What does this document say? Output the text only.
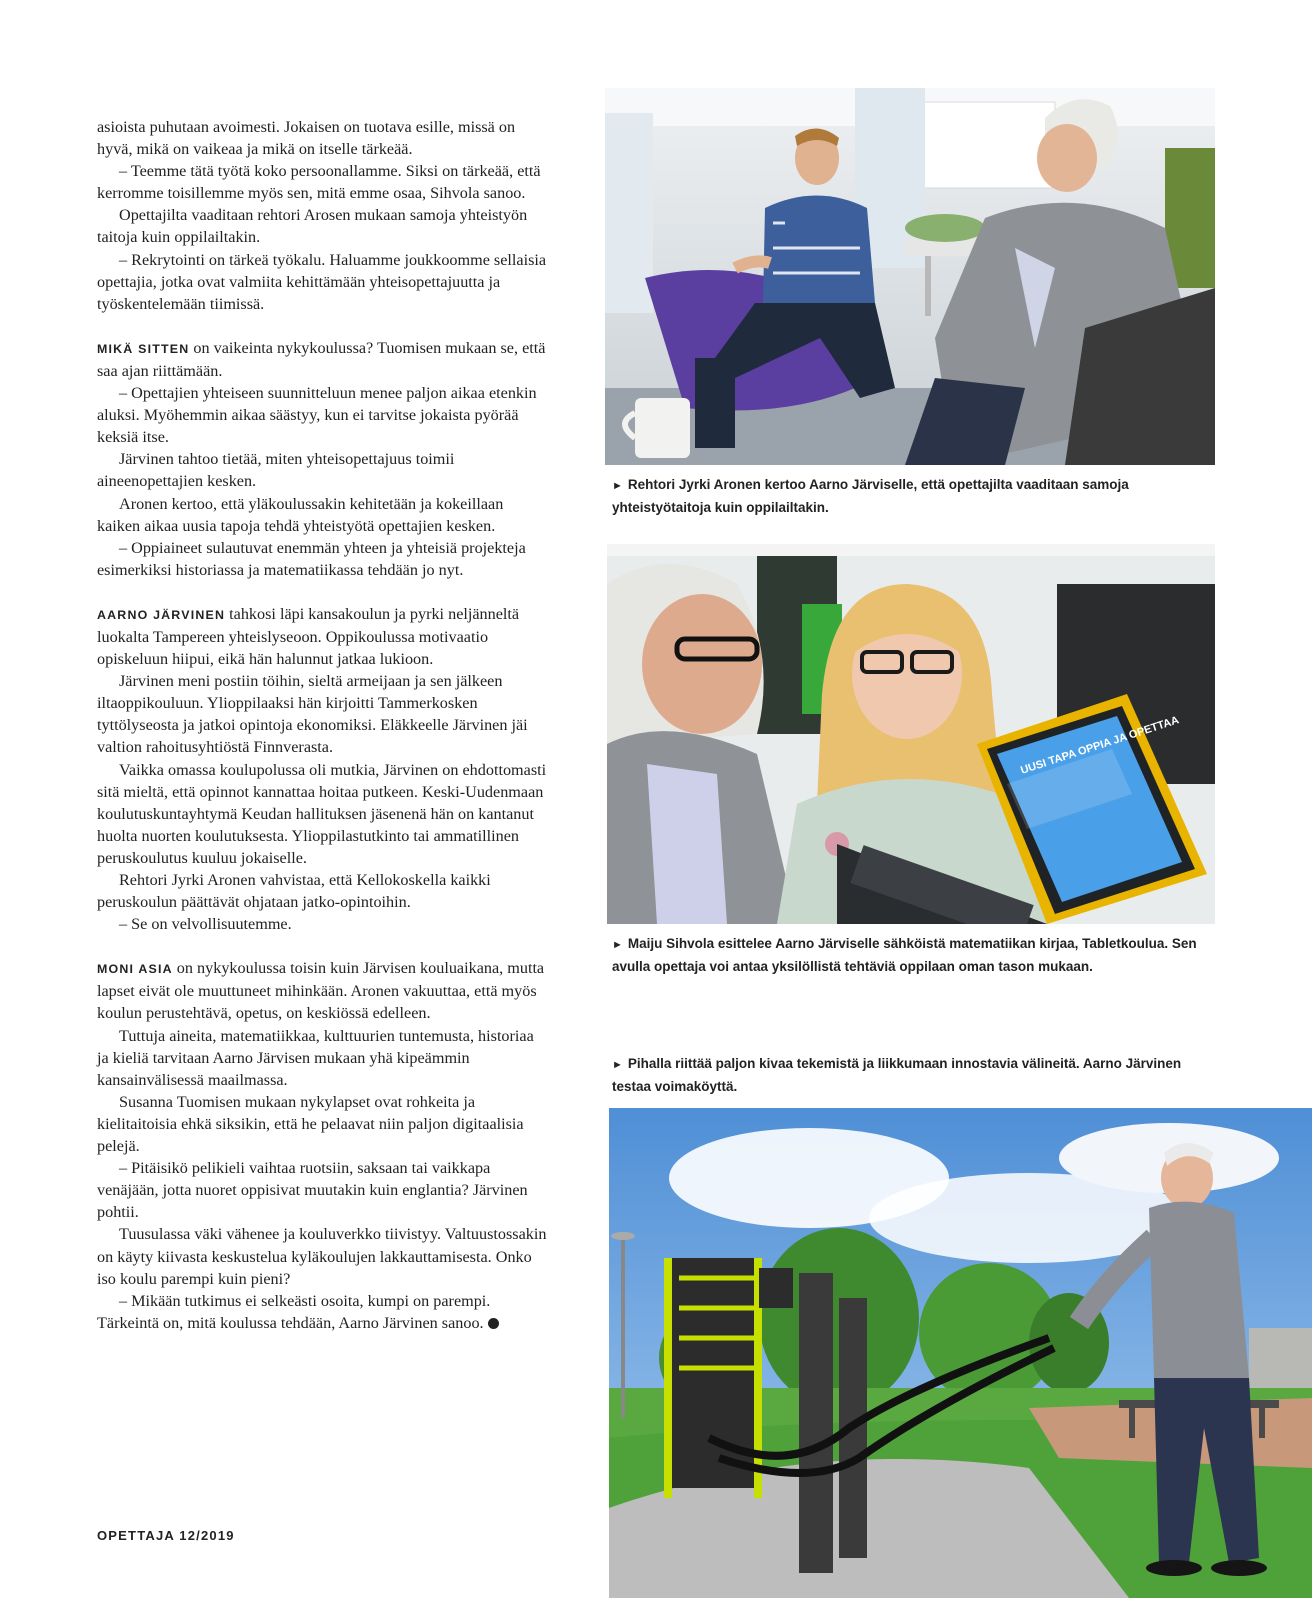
asioista puhutaan avoimesti. Jokaisen on tuotava esille, missä on hyvä, mikä on vaikeaa ja mikä on itselle tärkeää.

– Teemme tätä työtä koko persoonallamme. Siksi on tärkeää, että kerromme toisillemme myös sen, mitä emme osaa, Sihvola sanoo.

Opettajilta vaaditaan rehtori Arosen mukaan samoja yhteistyön taitoja kuin oppilailtakin.

– Rekrytointi on tärkeä työkalu. Haluamme joukkoomme sellaisia opettajia, jotka ovat valmiita kehittämään yhteisopettajuutta ja työskentelemään tiimissä.

MIKÄ SITTEN on vaikeinta nykykoulussa? Tuomisen mukaan se, että saa ajan riittämään.

– Opettajien yhteiseen suunnitteluun menee paljon aikaa etenkin aluksi. Myöhemmin aikaa säästyy, kun ei tarvitse jokaista pyörää keksiä itse.

Järvinen tahtoo tietää, miten yhteisopettajuus toimii aineenopettajien kesken.

Aronen kertoo, että yläkoulussakin kehitetään ja kokeillaan kaiken aikaa uusia tapoja tehdä yhteistyötä opettajien kesken.

– Oppiaineet sulautuvat enemmän yhteen ja yhteisiä projekteja esimerkiksi historiassa ja matematiikassa tehdään jo nyt.

AARNO JÄRVINEN tahkosi läpi kansakoulun ja pyrki neljänneltä luokalta Tampereen yhteislyseoon. Oppikoulussa motivaatio opiskeluun hiipui, eikä hän halunnut jatkaa lukioon.

Järvinen meni postiin töihin, sieltä armeijaan ja sen jälkeen iltaoppikouluun. Ylioppilaaksi hän kirjoitti Tammerkosken tyttölyseosta ja jatkoi opintoja ekonomiksi. Eläkkeelle Järvinen jäi valtion rahoitusyhtiöstä Finnverasta.

Vaikka omassa koulupolussa oli mutkia, Järvinen on ehdottomasti sitä mieltä, että opinnot kannattaa hoitaa putkeen. Keski-Uudenmaan koulutuskuntayhtymä Keudan hallituksen jäsenenä hän on kantanut huolta nuorten koulutuksesta. Ylioppilastutkinto tai ammatillinen peruskoulutus kuuluu jokaiselle.

Rehtori Jyrki Aronen vahvistaa, että Kellokoskella kaikki peruskoulun päättävät ohjataan jatko-opintoihin.

– Se on velvollisuutemme.

MONI ASIA on nykykoulussa toisin kuin Järvisen kouluaikana, mutta lapset eivät ole muuttuneet mihinkään. Aronen vakuuttaa, että myös koulun perustehtävä, opetus, on keskiössä edelleen.

Tuttuja aineita, matematiikkaa, kulttuurien tuntemusta, historiaa ja kieliä tarvitaan Aarno Järvisen mukaan yhä kipeämmin kansainvälisessä maailmassa.

Susanna Tuomisen mukaan nykylapset ovat rohkeita ja kielitaitoisia ehkä siksikin, että he pelaavat niin paljon digitaalisia pelejä.

– Pitäisikö pelikieli vaihtaa ruotsiin, saksaan tai vaikkapa venäjään, jotta nuoret oppisivat muutakin kuin englantia? Järvinen pohtii.

Tuusulassa väki vähenee ja kouluverkko tiivistyy. Valtuustossakin on käyty kiivasta keskustelua kyläkoulujen lakkauttamisesta. Onko iso koulu parempi kuin pieni?

– Mikään tutkimus ei selkeästi osoita, kumpi on parempi. Tärkeintä on, mitä koulussa tehdään, Aarno Järvinen sanoo.

OPETTAJA 12/2019
► Rehtori Jyrki Aronen kertoo Aarno Järviselle, että opettajilta vaaditaan samoja yhteistyötaitoja kuin oppilailtakin.
UUSI TAPA OPPIA JA OPETTAA
► Maiju Sihvola esittelee Aarno Järviselle sähköistä matematiikan kirjaa, Tabletkoulua. Sen avulla opettaja voi antaa yksilöllistä tehtäviä oppilaan oman tason mukaan.
► Pihalla riittää paljon kivaa tekemistä ja liikkumaan innostavia välineitä. Aarno Järvinen testaa voimaköyttä.
